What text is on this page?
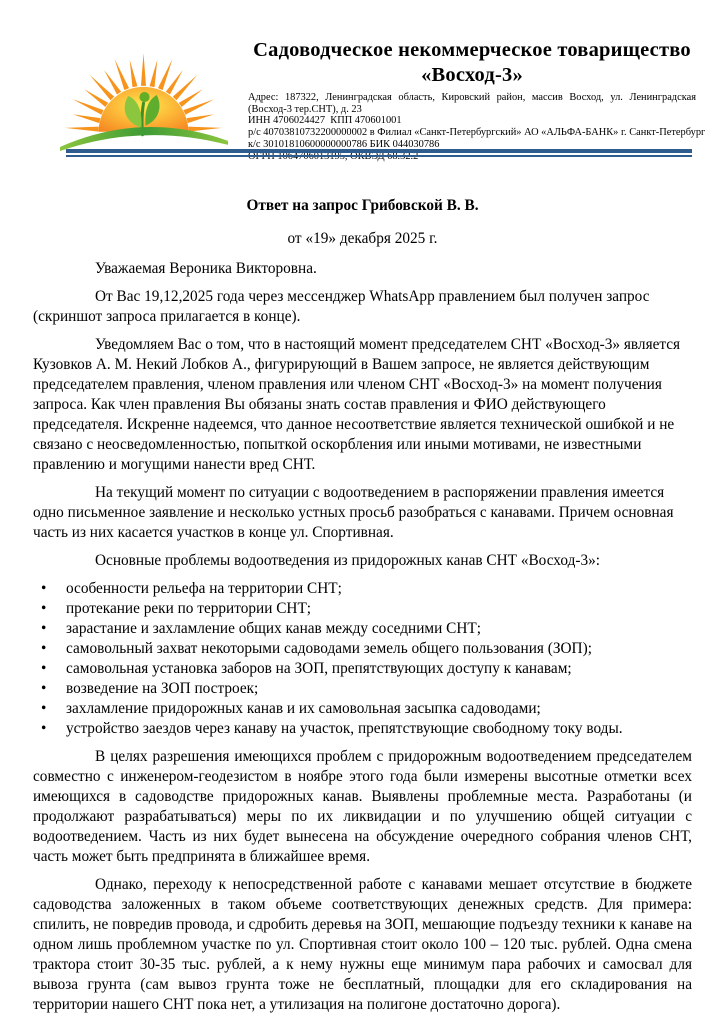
Садоводческое некоммерческое товарищество
«Восход-3»

Адрес: 187322, Ленинградская область, Кировский район, массив Восход, ул. Ленинградская (Восход-3 тер.СНТ), д. 23

ИНН 4706024427  КПП 470601001
р/с 40703810732200000002 в Филиал «Санкт-Петербургский» АО «АЛЬФА-БАНК» г. Санкт-Петербург
к/с 30101810600000000786 БИК 044030786
ОГРН 1064706013195, ОКВЭД 68.32.2

Ответ на запрос Грибовской В. В.

от «19» декабря 2025 г.

Уважаемая Вероника Викторовна.

От Вас 19,12,2025 года через мессенджер WhatsApp правлением был получен запрос (скриншот запроса прилагается в конце).

Уведомляем Вас о том, что в настоящий момент председателем СНТ «Восход-3» является Кузовков А. М. Некий Лобков А., фигурирующий в Вашем запросе, не является действующим председателем правления, членом правления или членом СНТ «Восход-3» на момент получения запроса. Как член правления Вы обязаны знать состав правления и ФИО действующего председателя. Искренне надеемся, что данное несоответствие является технической ошибкой и не связано с неосведомленностью, попыткой оскорбления или иными мотивами, не известными правлению и могущими нанести вред СНТ.

На текущий момент по ситуации с водоотведением в распоряжении правления имеется одно письменное заявление и несколько устных просьб разобраться с канавами. Причем основная часть из них касается участков в конце ул. Спортивная.

Основные проблемы водоотведения из придорожных канав СНТ «Восход-3»:

• особенности рельефа на территории СНТ;
• протекание реки по территории СНТ;
• зарастание и захламление общих канав между соседними СНТ;
• самовольный захват некоторыми садоводами земель общего пользования (ЗОП);
• самовольная установка заборов на ЗОП, препятствующих доступу к канавам;
• возведение на ЗОП построек;
• захламление придорожных канав и их самовольная засыпка садоводами;
• устройство заездов через канаву на участок, препятствующие свободному току воды.

В целях разрешения имеющихся проблем с придорожным водоотведением председателем совместно с инженером-геодезистом в ноябре этого года были измерены высотные отметки всех имеющихся в садоводстве придорожных канав. Выявлены проблемные места. Разработаны (и продолжают разрабатываться) меры по их ликвидации и по улучшению общей ситуации с водоотведением. Часть из них будет вынесена на обсуждение очередного собрания членов СНТ, часть может быть предпринята в ближайшее время.

Однако, переходу к непосредственной работе с канавами мешает отсутствие в бюджете садоводства заложенных в таком объеме соответствующих денежных средств. Для примера: спилить, не повредив провода, и сдробить деревья на ЗОП, мешающие подъезду техники к канаве на одном лишь проблемном участке по ул. Спортивная стоит около 100 – 120 тыс. рублей. Одна смена трактора стоит 30-35 тыс. рублей, а к нему нужны еще минимум пара рабочих и самосвал для вывоза грунта (сам вывоз грунта тоже не бесплатный, площадки для его складирования на территории нашего СНТ пока нет, а утилизация на полигоне достаточно дорога).
